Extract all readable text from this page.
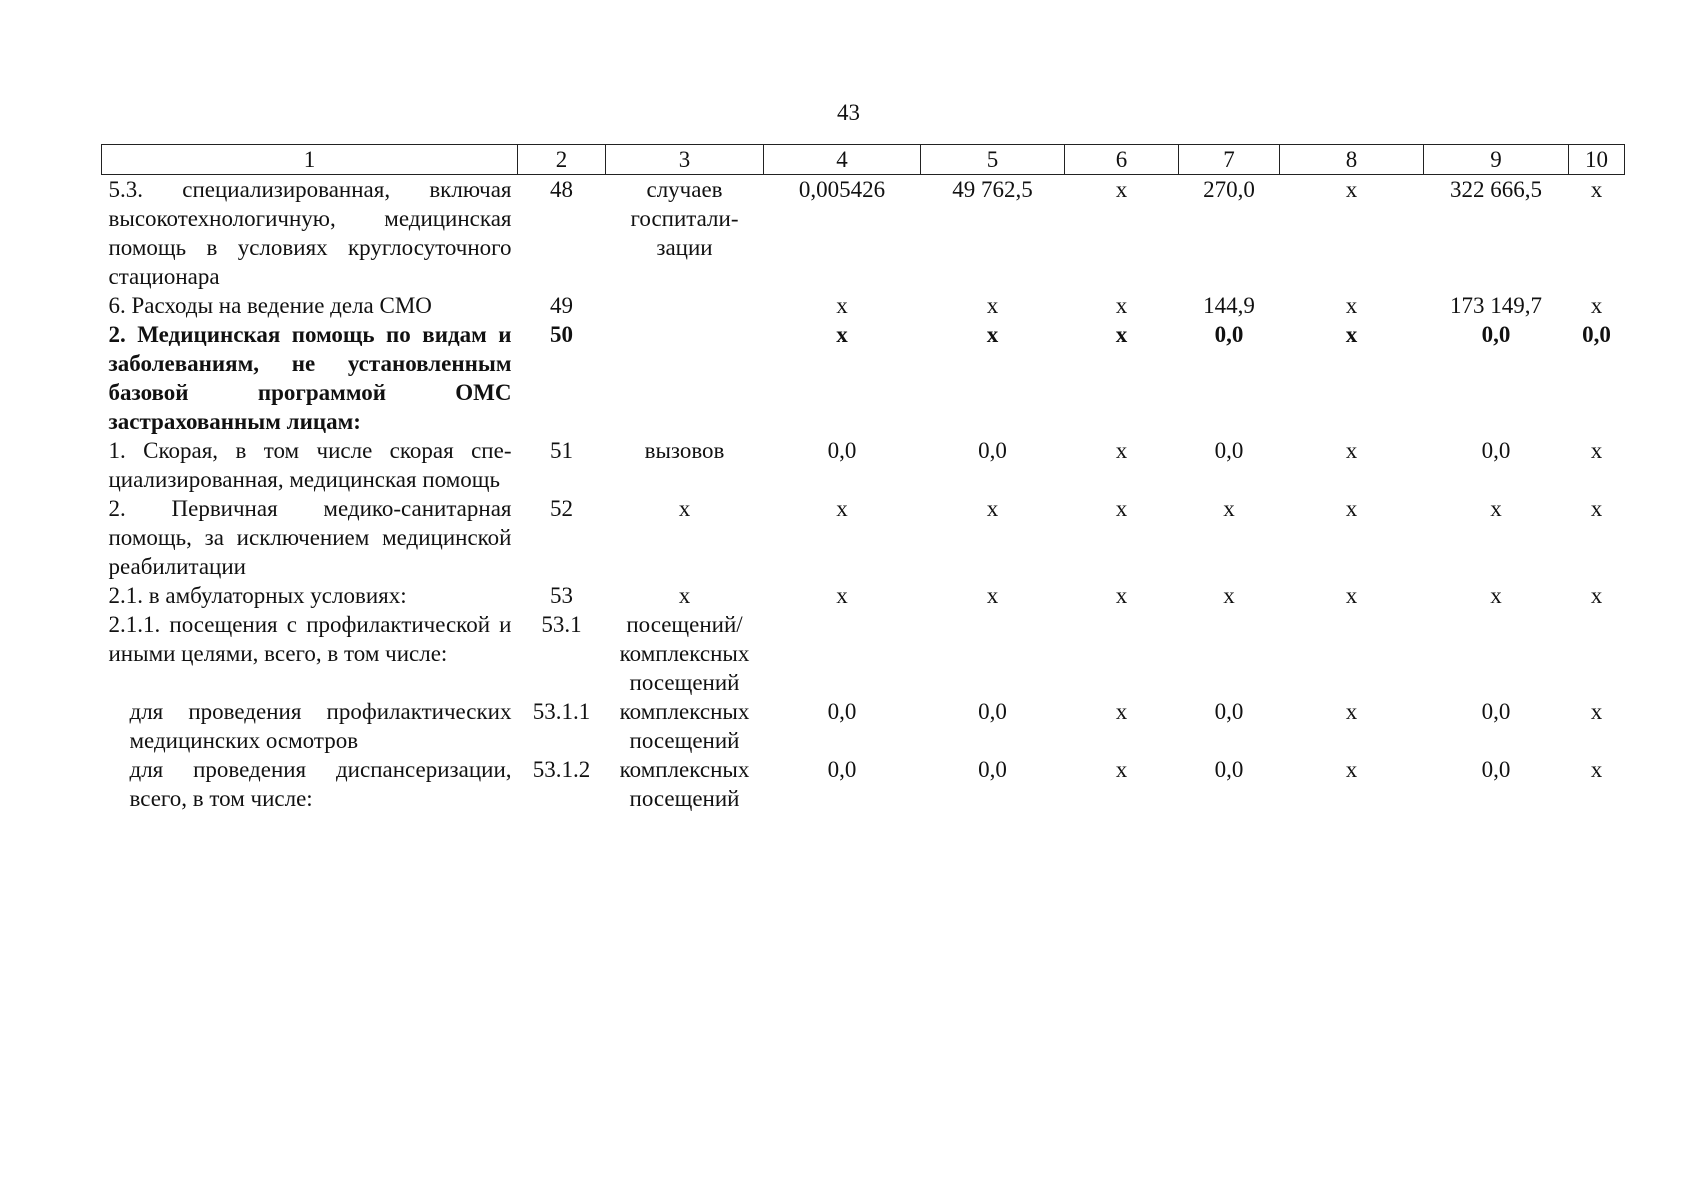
43
1	2	3	4	5	6	7	8	9	10
5.3. специализированная, включая высокотехнологичную, медицинская помощь в условиях круглосуточного стационара	48	случаев госпитализации	0,005426	49 762,5	х	270,0	х	322 666,5	х
6. Расходы на ведение дела СМО	49		х	х	х	144,9	х	173 149,7	х
2. Медицинская помощь по видам и заболеваниям, не установленным базовой программой ОМС застрахованным лицам:	50		х	х	х	0,0	х	0,0	0,0
1. Скорая, в том числе скорая специализированная, медицинская помощь	51	вызовов	0,0	0,0	х	0,0	х	0,0	х
2. Первичная медико-санитарная помощь, за исключением медицинской реабилитации	52	х	х	х	х	х	х	х	х
2.1. в амбулаторных условиях:	53	х	х	х	х	х	х	х	х
2.1.1. посещения с профилактической и иными целями, всего, в том числе:	53.1	посещений/комплексных посещений							
для проведения профилактических медицинских осмотров	53.1.1	комплексных посещений	0,0	0,0	х	0,0	х	0,0	х
для проведения диспансеризации, всего, в том числе:	53.1.2	комплексных посещений	0,0	0,0	х	0,0	х	0,0	х
